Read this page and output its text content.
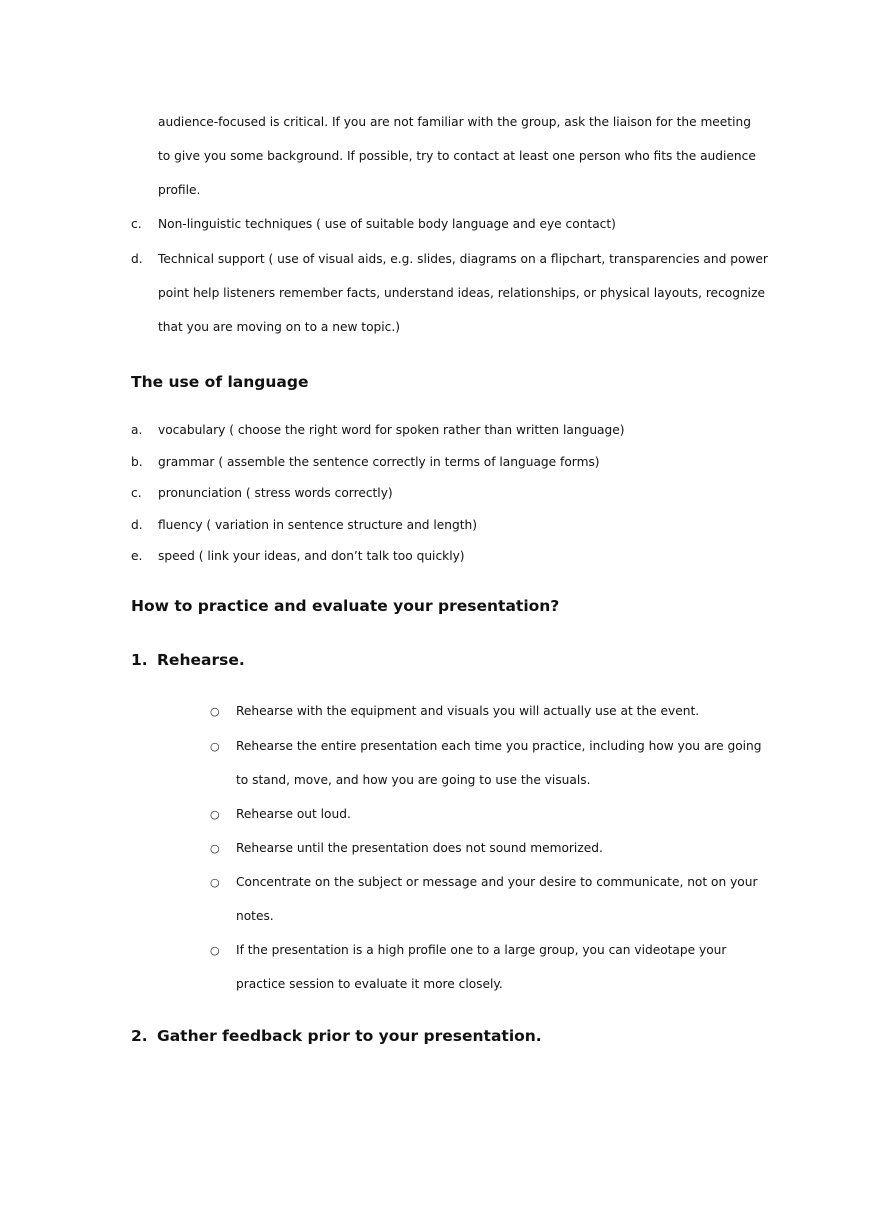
audience-focused is critical. If you are not familiar with the group, ask the liaison for the meeting
to give you some background. If possible, try to contact at least one person who fits the audience
profile.
c. Non-linguistic techniques ( use of suitable body language and eye contact)
d. Technical support ( use of visual aids, e.g. slides, diagrams on a flipchart, transparencies and power
point help listeners remember facts, understand ideas, relationships, or physical layouts, recognize
that you are moving on to a new topic.)
The use of language
a. vocabulary ( choose the right word for spoken rather than written language)
b. grammar ( assemble the sentence correctly in terms of language forms)
c. pronunciation ( stress words correctly)
d. fluency ( variation in sentence structure and length)
e. speed ( link your ideas, and don’t talk too quickly)
How to practice and evaluate your presentation?
1. Rehearse.
○ Rehearse with the equipment and visuals you will actually use at the event.
○ Rehearse the entire presentation each time you practice, including how you are going
to stand, move, and how you are going to use the visuals.
○ Rehearse out loud.
○ Rehearse until the presentation does not sound memorized.
○ Concentrate on the subject or message and your desire to communicate, not on your
notes.
○ If the presentation is a high profile one to a large group, you can videotape your
practice session to evaluate it more closely.
2. Gather feedback prior to your presentation.
